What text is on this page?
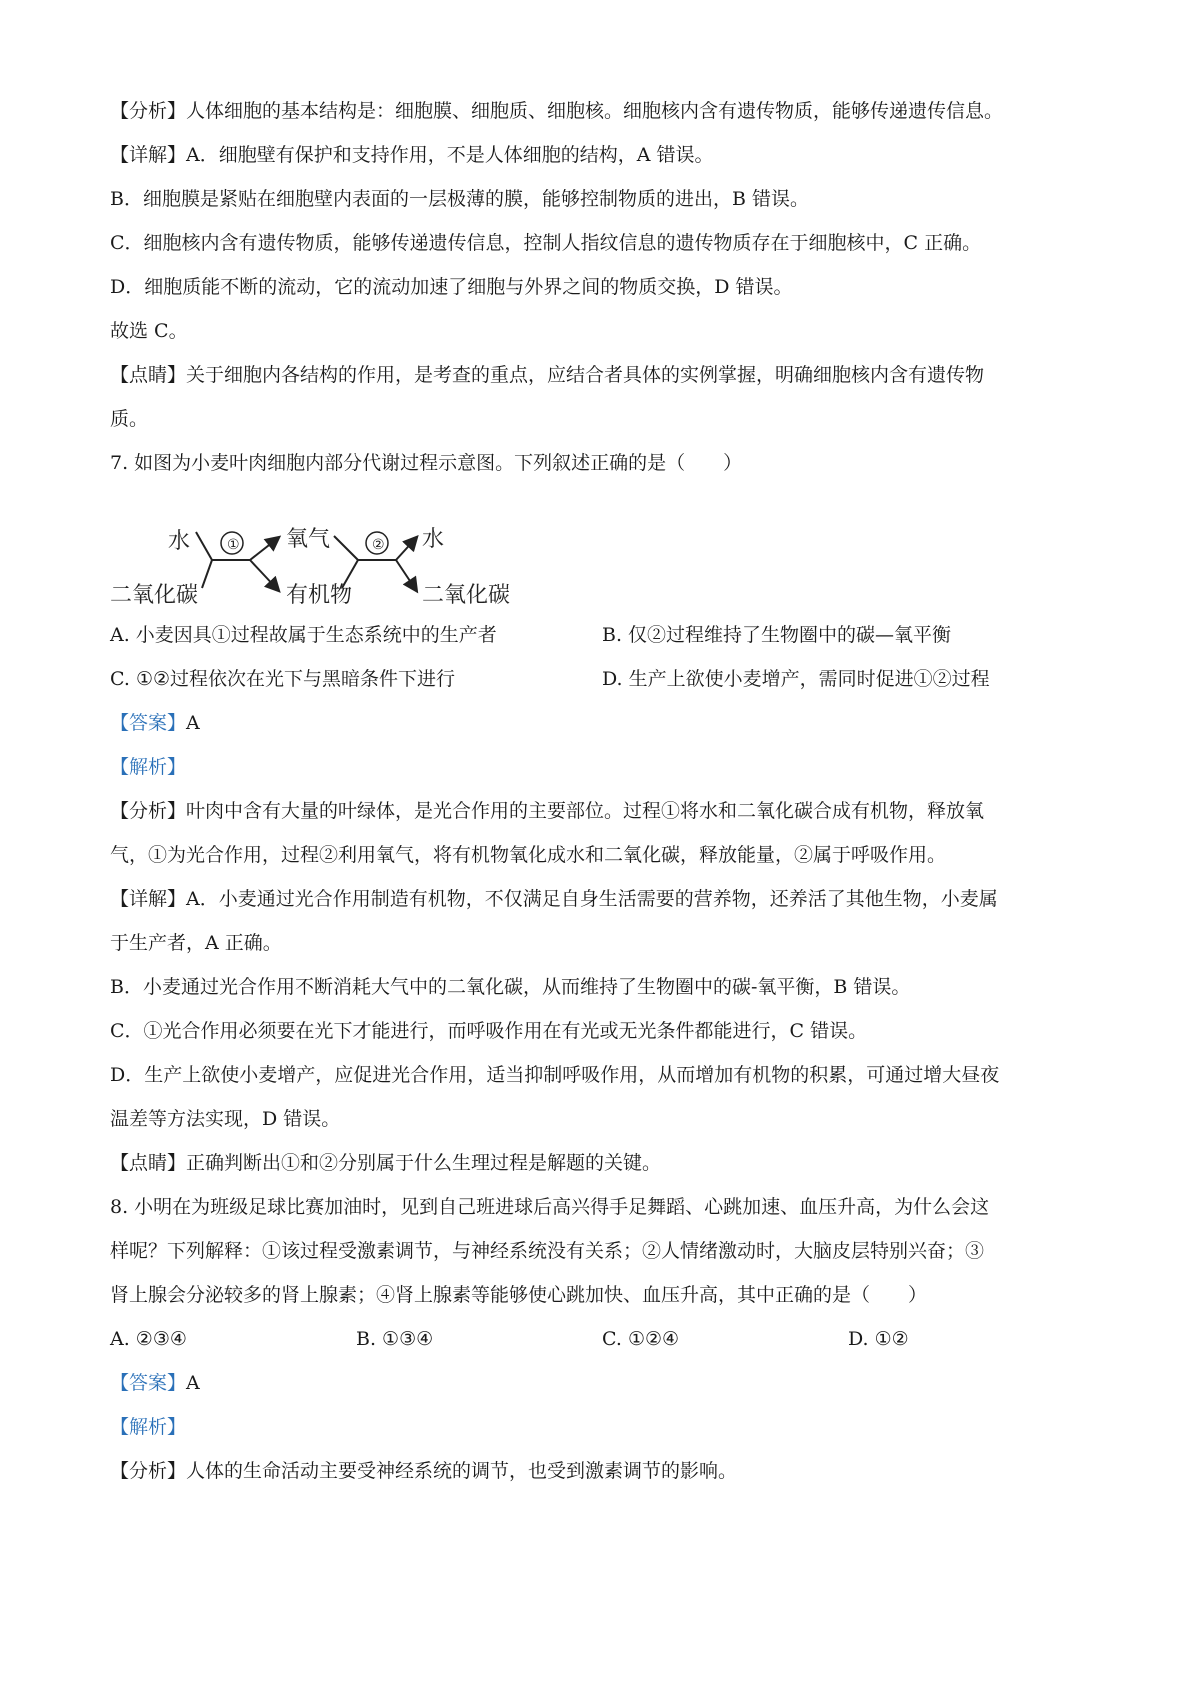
【分析】人体细胞的基本结构是：细胞膜、细胞质、细胞核。细胞核内含有遗传物质，能够传递遗传信息。
【详解】A．细胞壁有保护和支持作用，不是人体细胞的结构，A 错误。
B．细胞膜是紧贴在细胞壁内表面的一层极薄的膜，能够控制物质的进出，B 错误。
C．细胞核内含有遗传物质，能够传递遗传信息，控制人指纹信息的遗传物质存在于细胞核中，C 正确。
D．细胞质能不断的流动，它的流动加速了细胞与外界之间的物质交换，D 错误。
故选 C。
【点睛】关于细胞内各结构的作用，是考查的重点，应结合者具体的实例掌握，明确细胞核内含有遗传物
质。
7. 如图为小麦叶肉细胞内部分代谢过程示意图。下列叙述正确的是（　　）
水
二氧化碳
① 氧气
有机物
② 水
二氧化碳
A. 小麦因具①过程故属于生态系统中的生产者	B. 仅②过程维持了生物圈中的碳—氧平衡
C. ①②过程依次在光下与黑暗条件下进行	D. 生产上欲使小麦增产，需同时促进①②过程
【答案】A
【解析】
【分析】叶肉中含有大量的叶绿体，是光合作用的主要部位。过程①将水和二氧化碳合成有机物，释放氧
气，①为光合作用，过程②利用氧气，将有机物氧化成水和二氧化碳，释放能量，②属于呼吸作用。
【详解】A．小麦通过光合作用制造有机物，不仅满足自身生活需要的营养物，还养活了其他生物，小麦属
于生产者，A 正确。
B．小麦通过光合作用不断消耗大气中的二氧化碳，从而维持了生物圈中的碳-氧平衡，B 错误。
C．①光合作用必须要在光下才能进行，而呼吸作用在有光或无光条件都能进行，C 错误。
D．生产上欲使小麦增产，应促进光合作用，适当抑制呼吸作用，从而增加有机物的积累，可通过增大昼夜
温差等方法实现，D 错误。
【点睛】正确判断出①和②分别属于什么生理过程是解题的关键。
8. 小明在为班级足球比赛加油时，见到自己班进球后高兴得手足舞蹈、心跳加速、血压升高，为什么会这
样呢？下列解释：①该过程受激素调节，与神经系统没有关系；②人情绪激动时，大脑皮层特别兴奋；③
肾上腺会分泌较多的肾上腺素；④肾上腺素等能够使心跳加快、血压升高，其中正确的是（　　）
A. ②③④	B. ①③④	C. ①②④	D. ①②
【答案】A
【解析】
【分析】人体的生命活动主要受神经系统的调节，也受到激素调节的影响。
